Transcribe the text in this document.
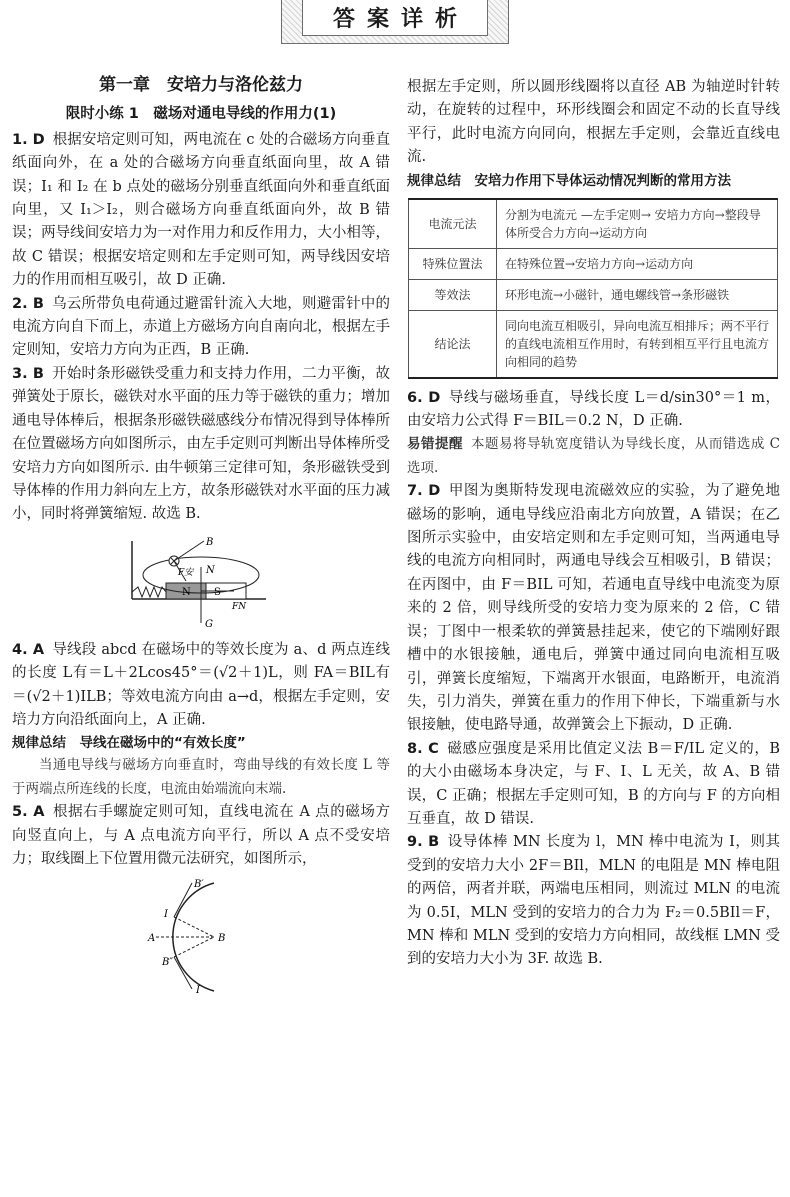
答案详析
第一章　安培力与洛伦兹力
限时小练 1　磁场对通电导线的作用力(1)

1. D 根据安培定则可知，两电流在 c 处的合磁场方向垂直纸面向外，在 a 处的合磁场方向垂直纸面向里，故 A 错误；I₁ 和 I₂ 在 b 点处的磁场分别垂直纸面向外和垂直纸面向里，又 I₁＞I₂，则合磁场方向垂直纸面向外，故 B 错误；两导线间安培力为一对作用力和反作用力，大小相等，故 C 错误；根据安培定则和左手定则可知，两导线因安培力的作用而相互吸引，故 D 正确.

2. B 乌云所带负电荷通过避雷针流入大地，则避雷针中的电流方向自下而上，赤道上方磁场方向自南向北，根据左手定则知，安培力方向为正西，B 正确.

3. B 开始时条形磁铁受重力和支持力作用，二力平衡，故弹簧处于原长，磁铁对水平面的压力等于磁铁的重力；增加通电导体棒后，根据条形磁铁磁感线分布情况得到导体棒所在位置磁场方向如图所示，由左手定则可判断出导体棒所受安培力方向如图所示. 由牛顿第三定律可知，条形磁铁受到导体棒的作用力斜向左上方，故条形磁铁对水平面的压力减小，同时将弹簧缩短. 故选 B.

B
F安 N
N S
FN
G

4. A 导线段 abcd 在磁场中的等效长度为 a、d 两点连线的长度 L有＝L＋2Lcos45°＝(√2＋1)L，则 FA＝BIL有＝(√2＋1)ILB；等效电流方向由 a→d，根据左手定则，安培力方向沿纸面向上，A 正确.

规律总结　 导线在磁场中的“有效长度”

当通电导线与磁场方向垂直时，弯曲导线的有效长度 L 等于两端点所连线的长度，电流由始端流向末端.

5. A 根据右手螺旋定则可知，直线电流在 A 点的磁场方向竖直向上，与 A 点电流方向平行，所以 A 点不受安培力；取线圈上下位置用微元法研究，如图所示，

B′
I
A	B
B″
I

根据左手定则，所以圆形线圈将以直径 AB 为轴逆时针转动，在旋转的过程中，环形线圈会和固定不动的长直导线平行，此时电流方向同向，根据左手定则，会靠近直线电流.

规律总结　 安培力作用下导体运动情况判断的常用方法
电流元法	分割为电流元 —左手定则→ 安培力方向→整段导体所受合力方向→运动方向
特殊位置法	在特殊位置→安培力方向→运动方向
等效法	环形电流→小磁针，通电螺线管→条形磁铁
结论法	同向电流互相吸引，异向电流互相排斥；两不平行的直线电流相互作用时，有转到相互平行且电流方向相同的趋势

6. D 导线与磁场垂直，导线长度 L＝d/sin30°＝1 m，由安培力公式得 F＝BIL＝0.2 N，D 正确.

易错提醒 本题易将导轨宽度错认为导线长度，从而错选成 C 选项.

7. D 甲图为奥斯特发现电流磁效应的实验，为了避免地磁场的影响，通电导线应沿南北方向放置，A 错误；在乙图所示实验中，由安培定则和左手定则可知，当两通电导线的电流方向相同时，两通电导线会互相吸引，B 错误；在丙图中，由 F＝BIL 可知，若通电直导线中电流变为原来的 2 倍，则导线所受的安培力变为原来的 2 倍，C 错误；丁图中一根柔软的弹簧悬挂起来，使它的下端刚好跟槽中的水银接触，通电后，弹簧中通过同向电流相互吸引，弹簧长度缩短，下端离开水银面，电路断开，电流消失，引力消失，弹簧在重力的作用下伸长，下端重新与水银接触，使电路导通，故弹簧会上下振动，D 正确.

8. C 磁感应强度是采用比值定义法 B＝F/IL 定义的，B 的大小由磁场本身决定，与 F、I、L 无关，故 A、B 错误，C 正确；根据左手定则可知，B 的方向与 F 的方向相互垂直，故 D 错误.

9. B 设导体棒 MN 长度为 l，MN 棒中电流为 I，则其受到的安培力大小 2F＝BIl，MLN 的电阻是 MN 棒电阻的两倍，两者并联，两端电压相同，则流过 MLN 的电流为 0.5I，MLN 受到的安培力的合力为 F₂＝0.5BIl＝F，MN 棒和 MLN 受到的安培力方向相同，故线框 LMN 受到的安培力大小为 3F. 故选 B.
